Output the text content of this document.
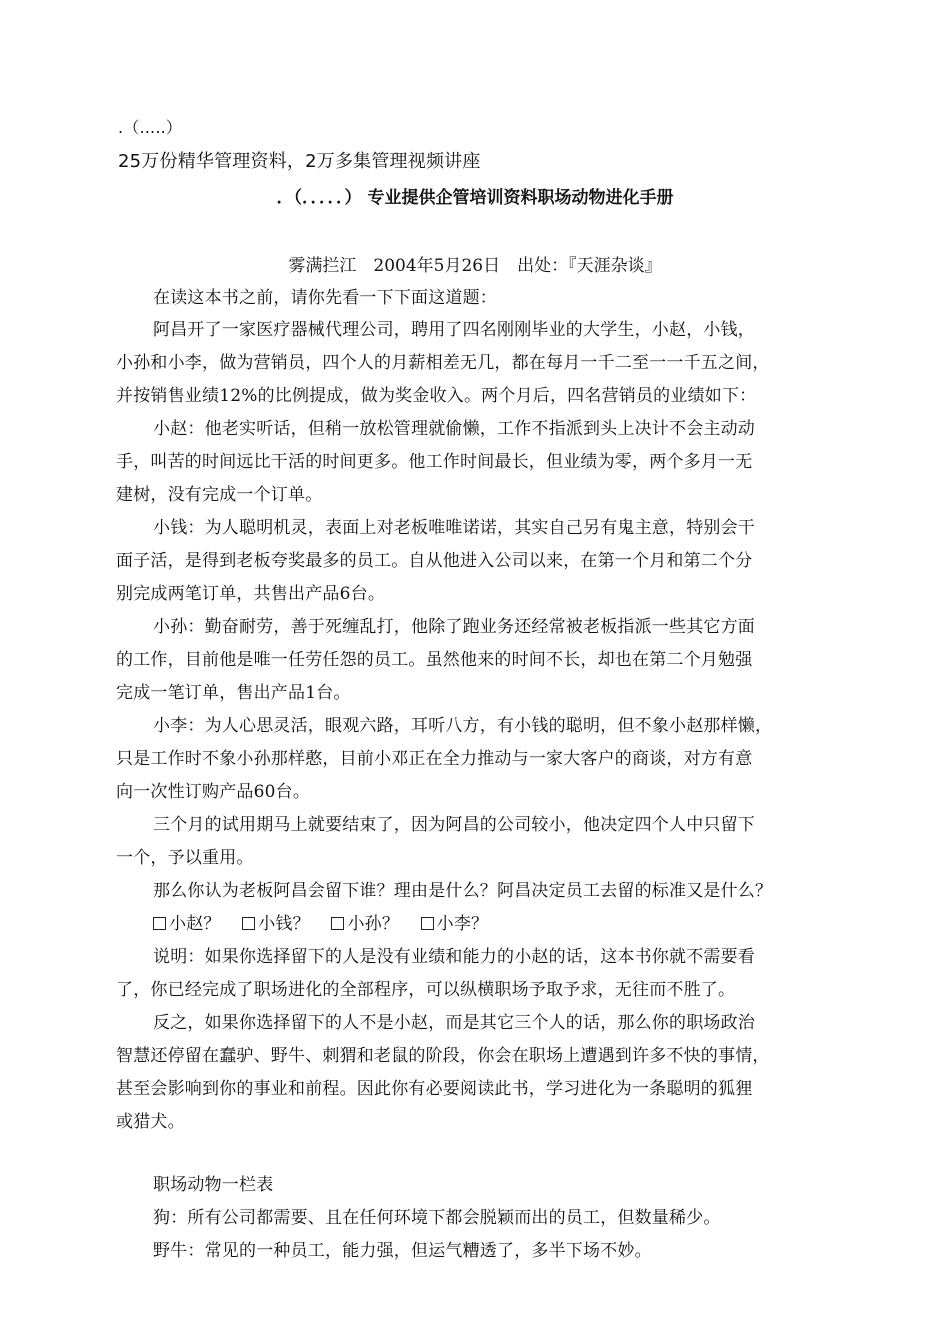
.（.....）
25万份精华管理资料，2万多集管理视频讲座
．（．．．．．） 专业提供企管培训资料职场动物进化手册
雾满拦江　2004年5月26日　出处：『天涯杂谈』
在读这本书之前，请你先看一下下面这道题：
阿昌开了一家医疗器械代理公司，聘用了四名刚刚毕业的大学生，小赵，小钱，
小孙和小李，做为营销员，四个人的月薪相差无几，都在每月一千二至一一千五之间，
并按销售业绩12%的比例提成，做为奖金收入。两个月后，四名营销员的业绩如下：
小赵：他老实听话，但稍一放松管理就偷懒，工作不指派到头上决计不会主动动
手，叫苦的时间远比干活的时间更多。他工作时间最长，但业绩为零，两个多月一无
建树，没有完成一个订单。
小钱：为人聪明机灵，表面上对老板唯唯诺诺，其实自己另有鬼主意，特别会干
面子活，是得到老板夸奖最多的员工。自从他进入公司以来，在第一个月和第二个分
别完成两笔订单，共售出产品6台。
小孙：勤奋耐劳，善于死缠乱打，他除了跑业务还经常被老板指派一些其它方面
的工作，目前他是唯一任劳任怨的员工。虽然他来的时间不长，却也在第二个月勉强
完成一笔订单，售出产品1台。
小李：为人心思灵活，眼观六路，耳听八方，有小钱的聪明，但不象小赵那样懒，
只是工作时不象小孙那样憨，目前小邓正在全力推动与一家大客户的商谈，对方有意
向一次性订购产品60台。
三个月的试用期马上就要结束了，因为阿昌的公司较小，他决定四个人中只留下
一个，予以重用。
那么你认为老板阿昌会留下谁？理由是什么？阿昌决定员工去留的标准又是什么？
小赵？ 小钱？ 小孙？ 小李？
说明：如果你选择留下的人是没有业绩和能力的小赵的话，这本书你就不需要看
了，你已经完成了职场进化的全部程序，可以纵横职场予取予求，无往而不胜了。
反之，如果你选择留下的人不是小赵，而是其它三个人的话，那么你的职场政治
智慧还停留在蠢驴、野牛、刺猬和老鼠的阶段，你会在职场上遭遇到许多不快的事情，
甚至会影响到你的事业和前程。因此你有必要阅读此书，学习进化为一条聪明的狐狸
或猎犬。
职场动物一栏表
狗：所有公司都需要、且在任何环境下都会脱颖而出的员工，但数量稀少。
野牛：常见的一种员工，能力强，但运气糟透了，多半下场不妙。
